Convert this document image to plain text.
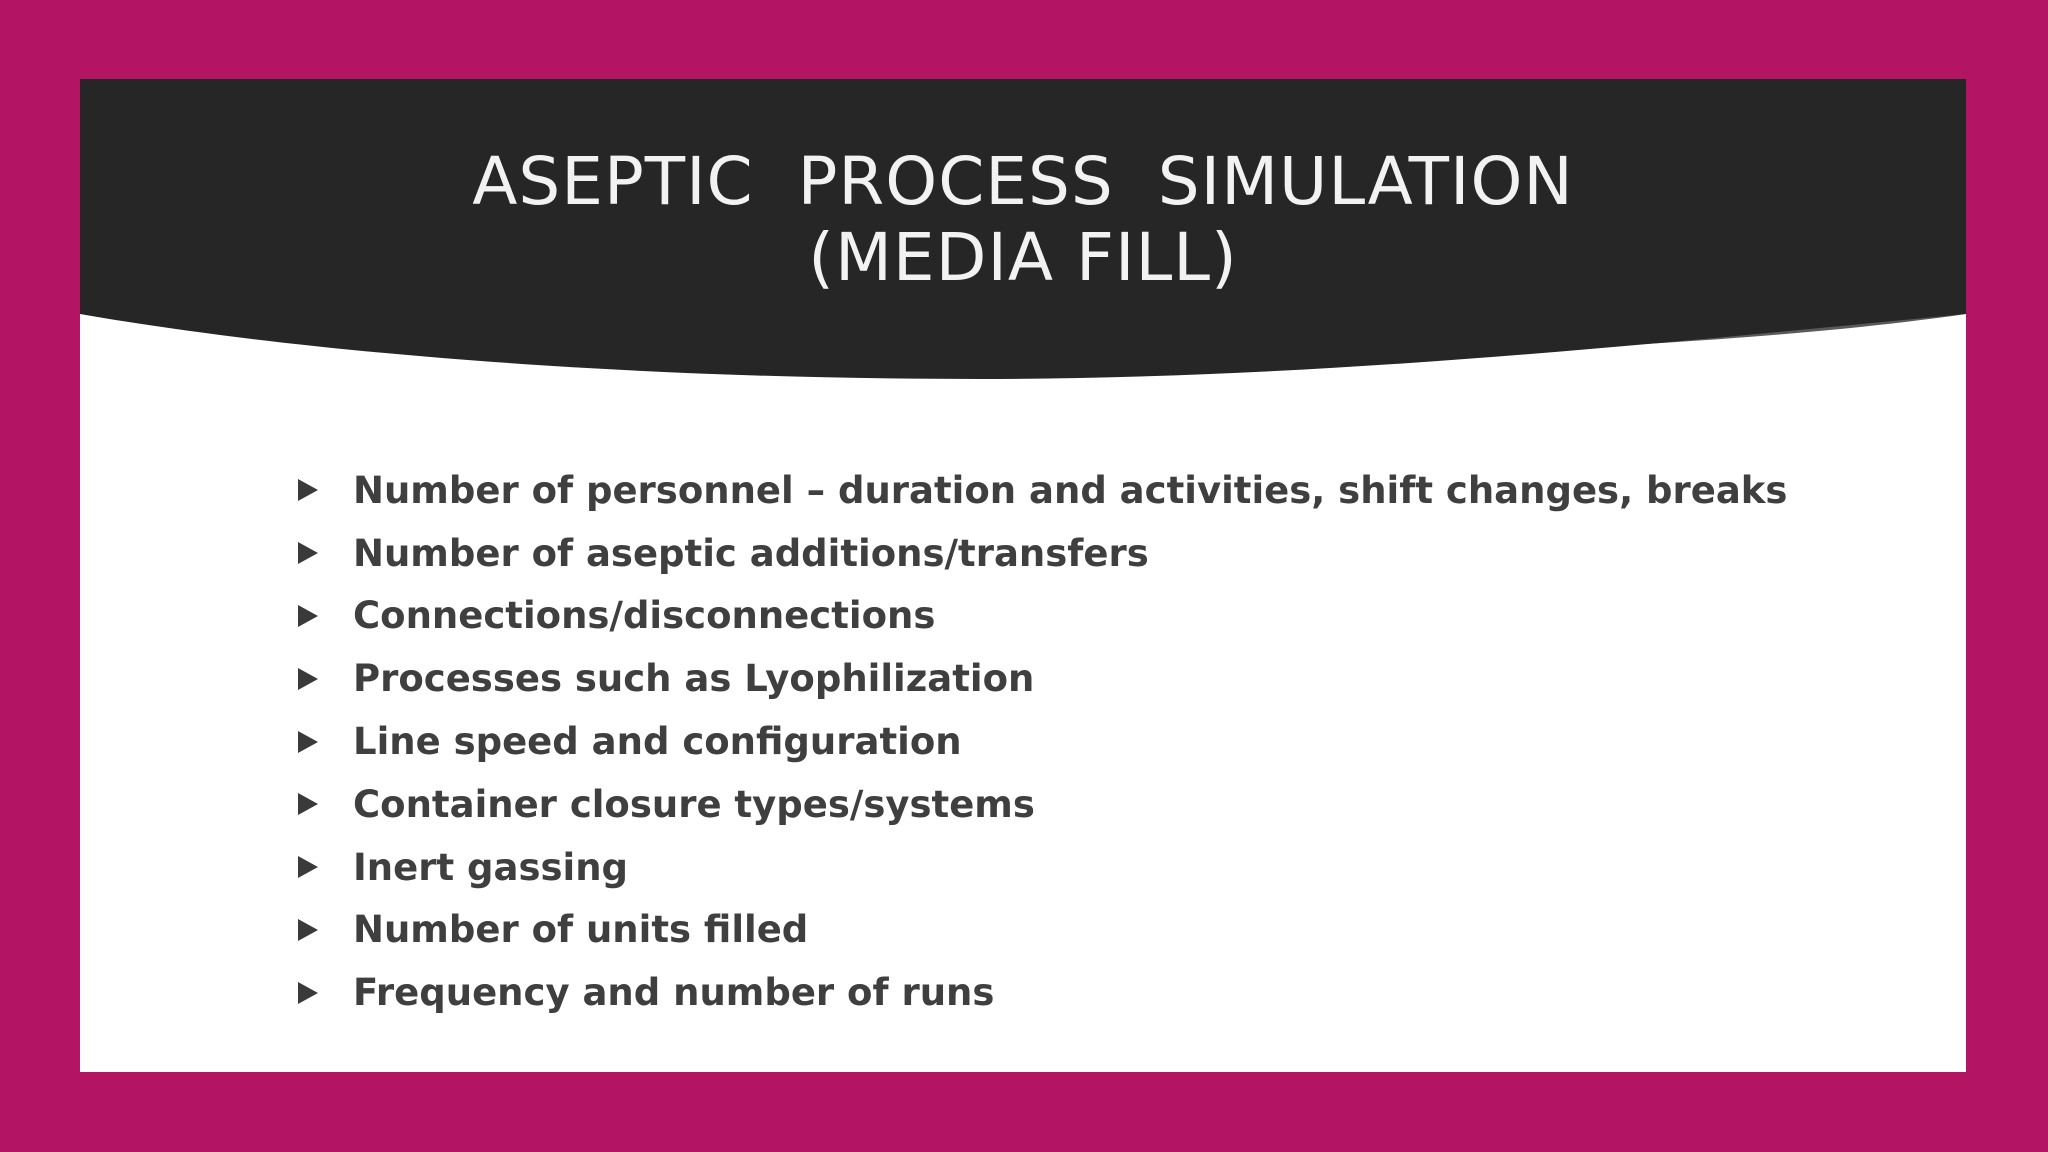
ASEPTIC  PROCESS  SIMULATION
(MEDIA FILL)
Number of personnel – duration and activities, shift changes, breaks
Number of aseptic additions/transfers
Connections/disconnections
Processes such as Lyophilization
Line speed and configuration
Container closure types/systems
Inert gassing
Number of units filled
Frequency and number of runs
